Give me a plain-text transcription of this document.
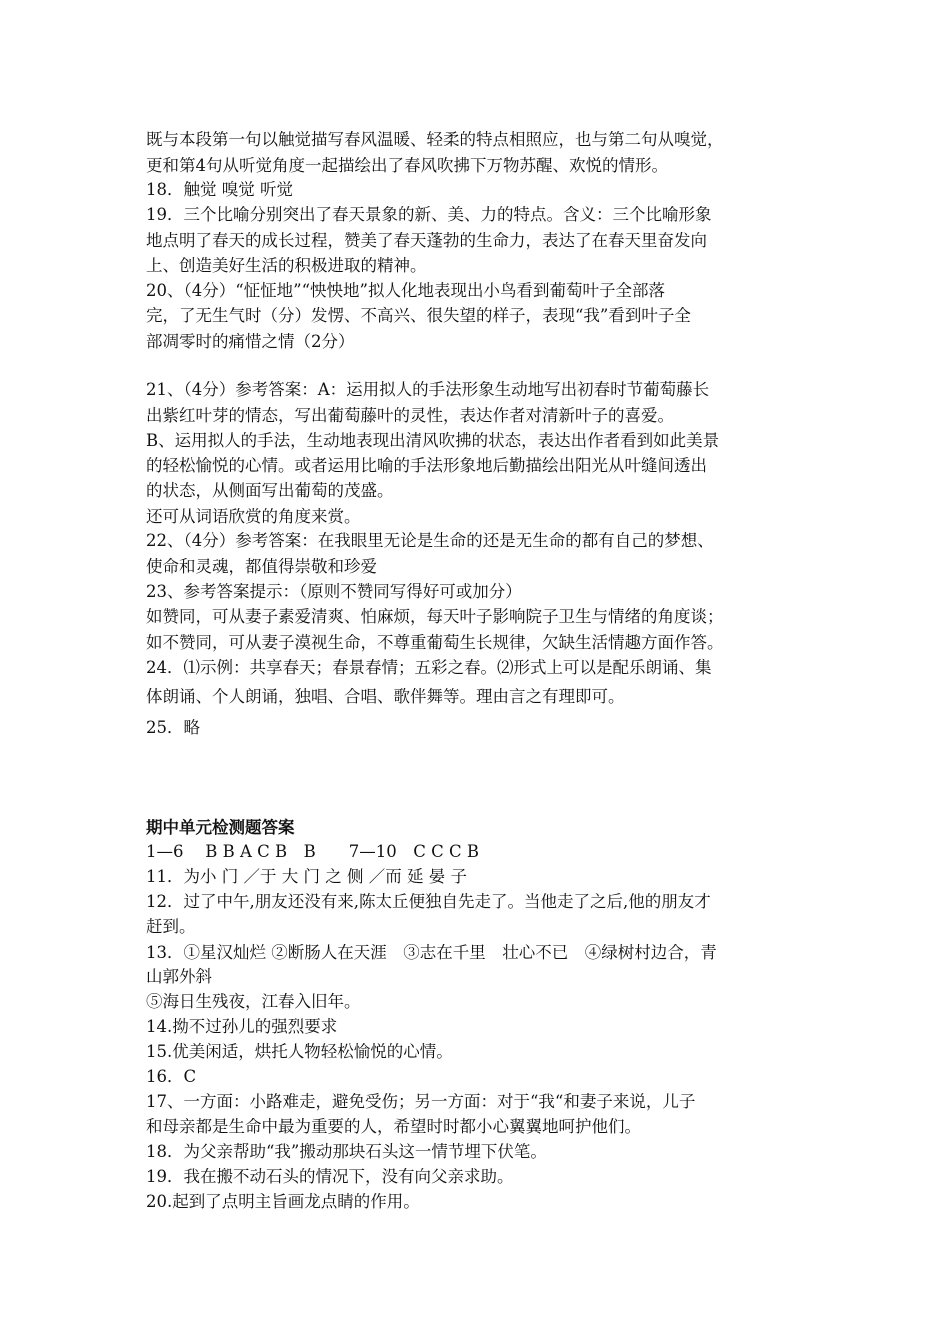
既与本段第一句以触觉描写春风温暖、轻柔的特点相照应，也与第二句从嗅觉，
更和第4句从听觉角度一起描绘出了春风吹拂下万物苏醒、欢悦的情形。
18．触觉 嗅觉 听觉
19．三个比喻分别突出了春天景象的新、美、力的特点。含义：三个比喻形象
地点明了春天的成长过程，赞美了春天蓬勃的生命力，表达了在春天里奋发向
上、创造美好生活的积极进取的精神。
20、（4分）“怔怔地”“怏怏地”拟人化地表现出小鸟看到葡萄叶子全部落
完，了无生气时（分）发愣、不高兴、很失望的样子，表现“我”看到叶子全
部凋零时的痛惜之情（2分）
21、（4分）参考答案：A：运用拟人的手法形象生动地写出初春时节葡萄藤长
出紫红叶芽的情态，写出葡萄藤叶的灵性，表达作者对清新叶子的喜爱。
B、运用拟人的手法，生动地表现出清风吹拂的状态，表达出作者看到如此美景
的轻松愉悦的心情。或者运用比喻的手法形象地后勤描绘出阳光从叶缝间透出
的状态，从侧面写出葡萄的茂盛。
还可从词语欣赏的角度来赏。
22、（4分）参考答案：在我眼里无论是生命的还是无生命的都有自己的梦想、
使命和灵魂，都值得崇敬和珍爱
23、参考答案提示：（原则不赞同写得好可或加分）
如赞同，可从妻子素爱清爽、怕麻烦，每天叶子影响院子卫生与情绪的角度谈；
如不赞同，可从妻子漠视生命，不尊重葡萄生长规律，欠缺生活情趣方面作答。
24．⑴示例：共享春天；春景春情；五彩之春。⑵形式上可以是配乐朗诵、集
体朗诵、个人朗诵，独唱、合唱、歌伴舞等。理由言之有理即可。
25．略
期中单元检测题答案
1—6　 B B A C B　B　　7—10　C C C B
11．为小 门 ／于 大 门 之 侧 ／而 延 晏 子
12．过了中午,朋友还没有来,陈太丘便独自先走了。当他走了之后,他的朋友才
赶到。
13．①星汉灿烂 ②断肠人在天涯　③志在千里　壮心不已　④绿树村边合，青
山郭外斜
⑤海日生残夜，江春入旧年。
14.拗不过孙儿的强烈要求
15.优美闲适，烘托人物轻松愉悦的心情。
16．C
17、一方面：小路难走，避免受伤；另一方面：对于“我“和妻子来说，儿子
和母亲都是生命中最为重要的人，希望时时都小心翼翼地呵护他们。
18．为父亲帮助“我”搬动那块石头这一情节埋下伏笔。
19．我在搬不动石头的情况下，没有向父亲求助。
20.起到了点明主旨画龙点睛的作用。
